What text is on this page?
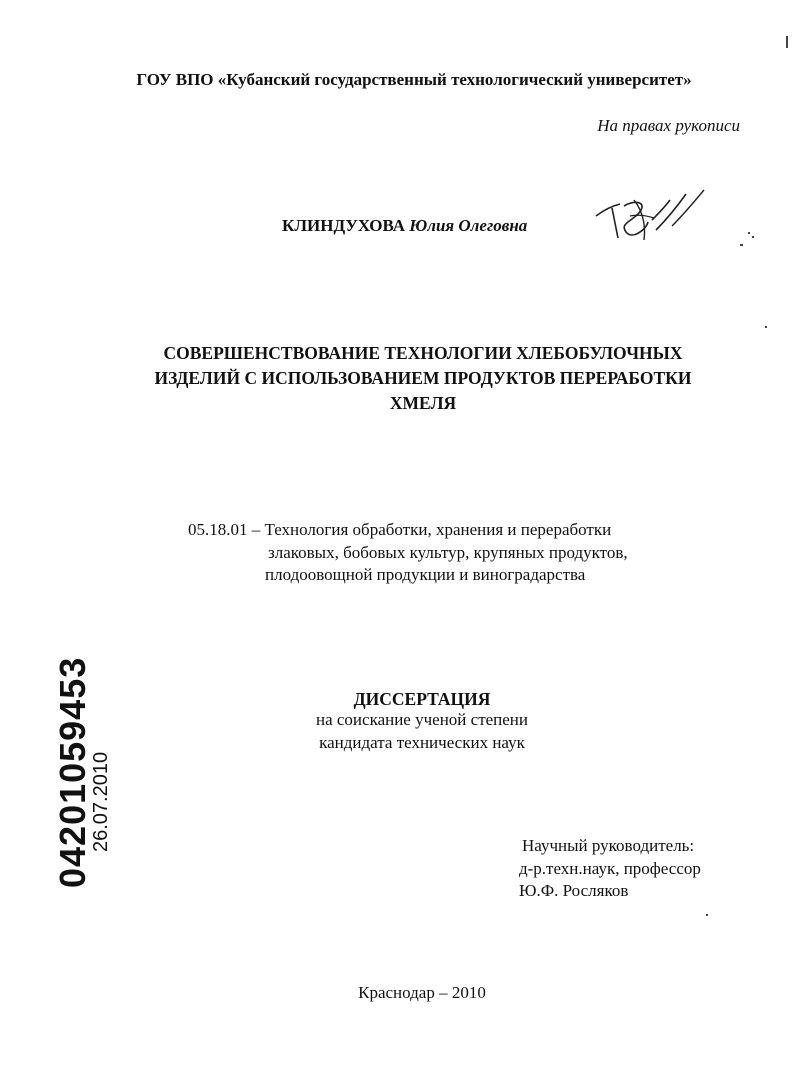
ГОУ ВПО «Кубанский государственный технологический университет»

На правах рукописи

КЛИНДУХОВА Юлия Олеговна

СОВЕРШЕНСТВОВАНИЕ ТЕХНОЛОГИИ ХЛЕБОБУЛОЧНЫХ
ИЗДЕЛИЙ С ИСПОЛЬЗОВАНИЕМ ПРОДУКТОВ ПЕРЕРАБОТКИ
ХМЕЛЯ

05.18.01 – Технология обработки, хранения и переработки

злаковых, бобовых культур, крупяных продуктов,

плодоовощной продукции и виноградарства

ДИССЕРТАЦИЯ

на соискание ученой степени

кандидата технических наук

Научный руководитель:

д-р.техн.наук, профессор

Ю.Ф. Росляков

Краснодар – 2010

04201059453
26.07.2010
